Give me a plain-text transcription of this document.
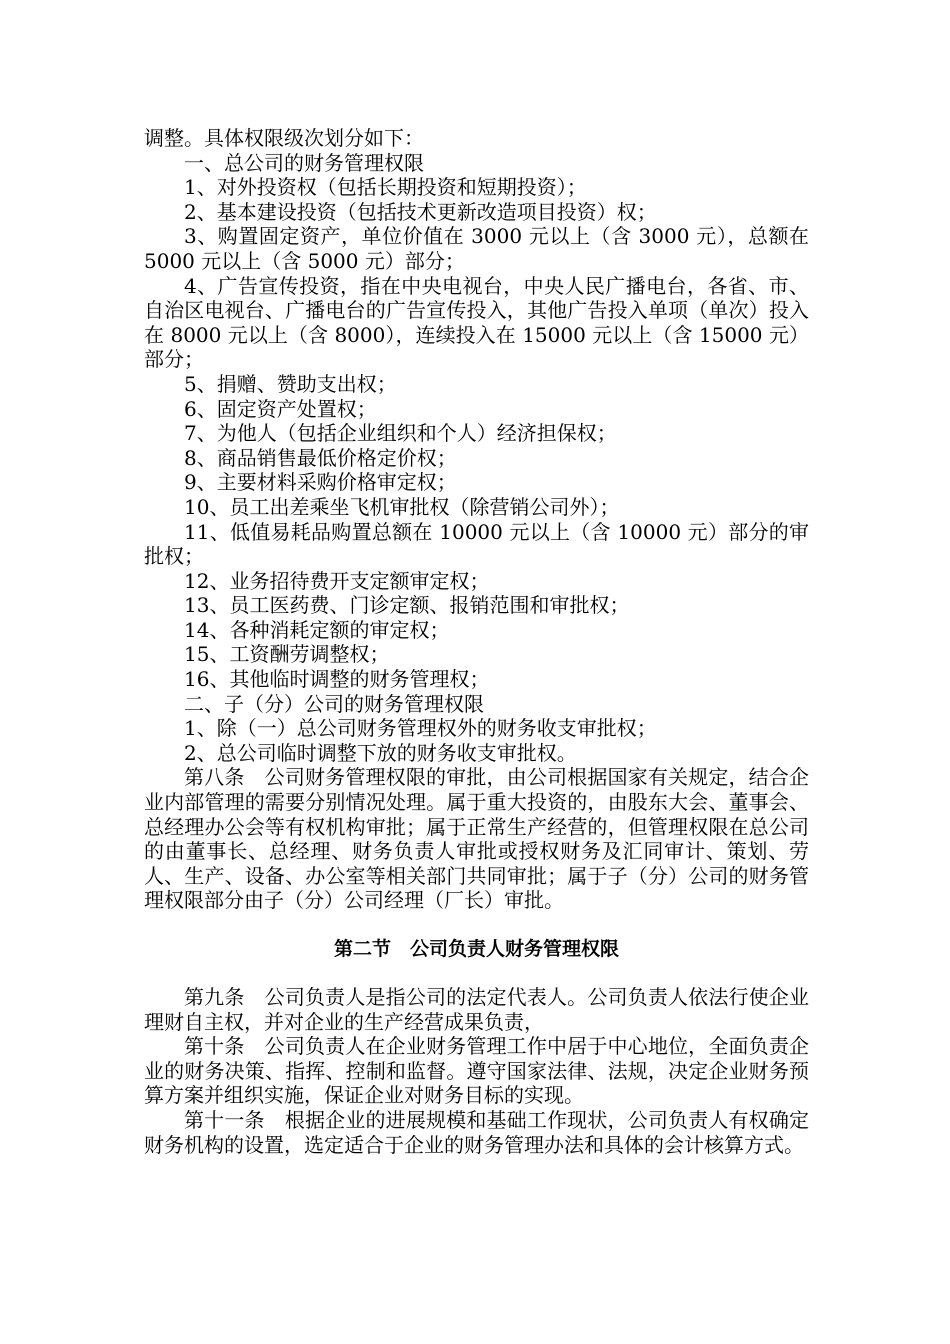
调整。具体权限级次划分如下：

一、总公司的财务管理权限

1、对外投资权（包括长期投资和短期投资）；

2、基本建设投资（包括技术更新改造项目投资）权；

3、购置固定资产，单位价值在 3000 元以上（含 3000 元），总额在 5000 元以上（含 5000 元）部分；

4、广告宣传投资，指在中央电视台，中央人民广播电台，各省、市、自治区电视台、广播电台的广告宣传投入，其他广告投入单项（单次）投入在 8000 元以上（含 8000），连续投入在 15000 元以上（含 15000 元）部分；

5、捐赠、赞助支出权；

6、固定资产处置权；

7、为他人（包括企业组织和个人）经济担保权；

8、商品销售最低价格定价权；

9、主要材料采购价格审定权；

10、员工出差乘坐飞机审批权（除营销公司外）；

11、低值易耗品购置总额在 10000 元以上（含 10000 元）部分的审批权；

12、业务招待费开支定额审定权；

13、员工医药费、门诊定额、报销范围和审批权；

14、各种消耗定额的审定权；

15、工资酬劳调整权；

16、其他临时调整的财务管理权；

二、子（分）公司的财务管理权限

1、除（一）总公司财务管理权外的财务收支审批权；

2、总公司临时调整下放的财务收支审批权。

第八条　公司财务管理权限的审批，由公司根据国家有关规定，结合企业内部管理的需要分别情况处理。属于重大投资的，由股东大会、董事会、总经理办公会等有权机构审批；属于正常生产经营的，但管理权限在总公司的由董事长、总经理、财务负责人审批或授权财务及汇同审计、策划、劳人、生产、设备、办公室等相关部门共同审批；属于子（分）公司的财务管理权限部分由子（分）公司经理（厂长）审批。

第二节　公司负责人财务管理权限

第九条　公司负责人是指公司的法定代表人。公司负责人依法行使企业理财自主权，并对企业的生产经营成果负责，

第十条　公司负责人在企业财务管理工作中居于中心地位，全面负责企业的财务决策、指挥、控制和监督。遵守国家法律、法规，决定企业财务预算方案并组织实施，保证企业对财务目标的实现。

第十一条　根据企业的进展规模和基础工作现状，公司负责人有权确定财务机构的设置，选定适合于企业的财务管理办法和具体的会计核算方式。
